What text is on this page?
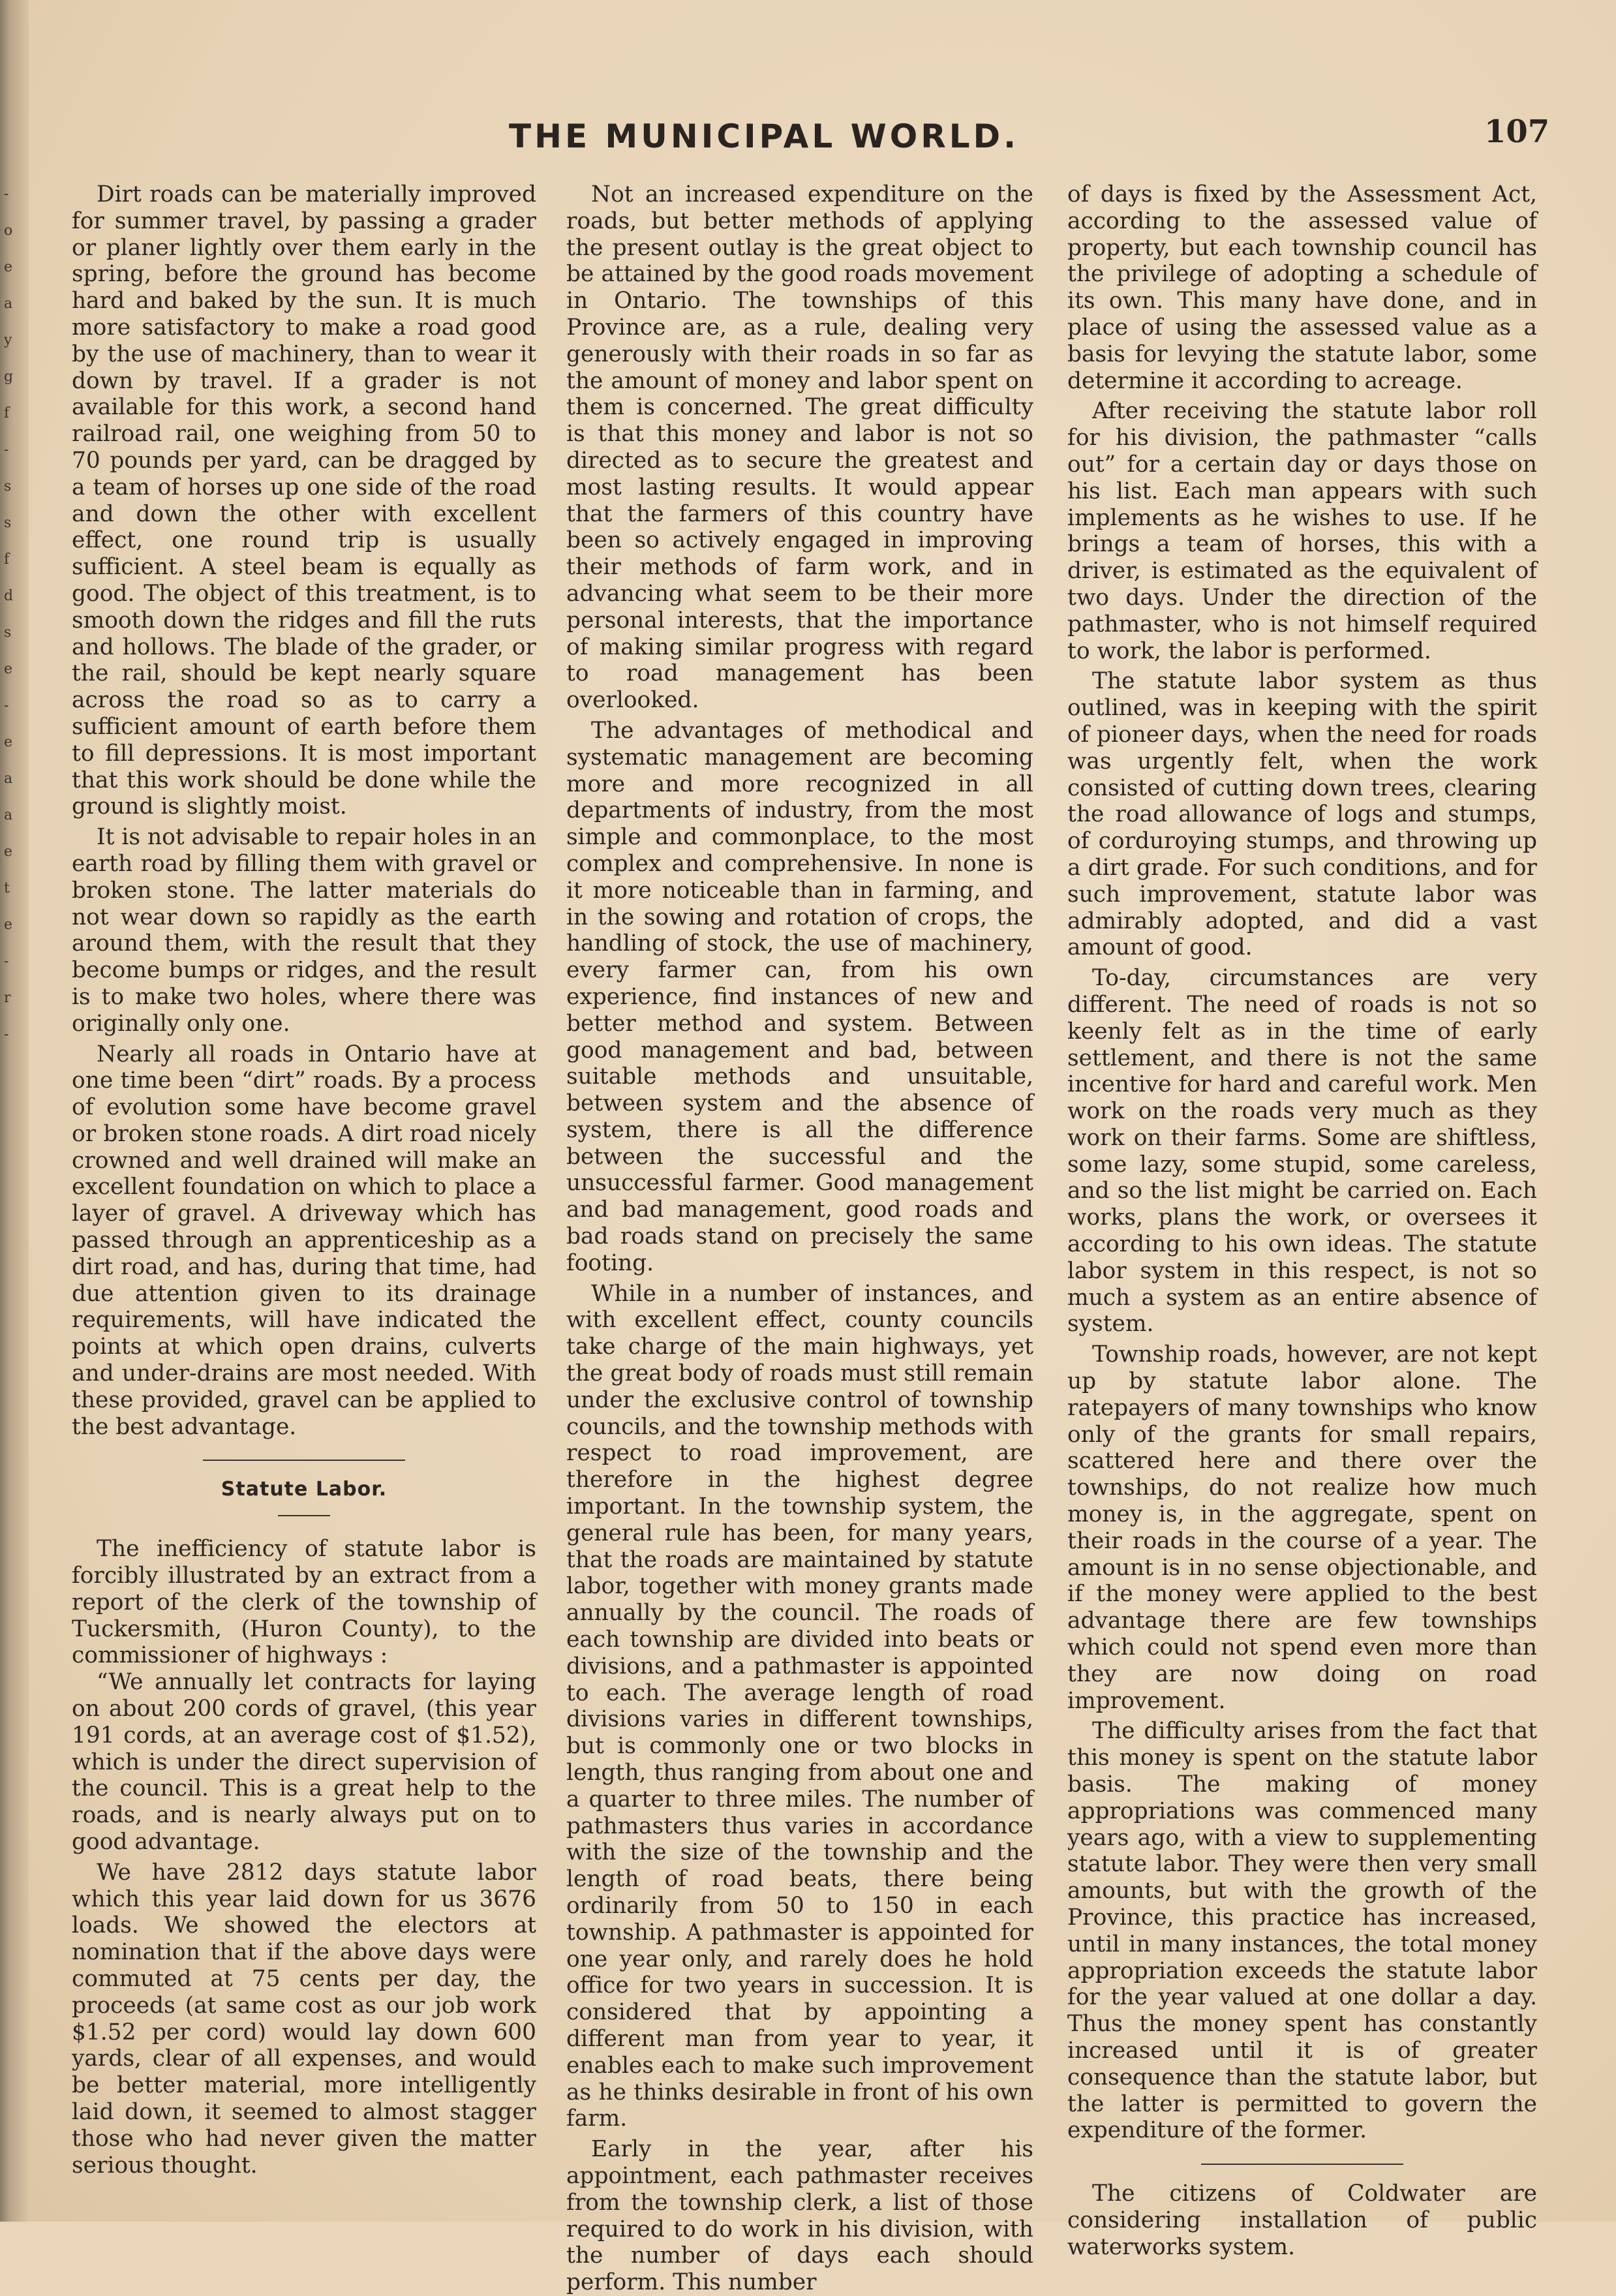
-
o
e
a
y
g
f
-
s
s
f
d
s
e
-
e
a
a
e
t
e
-
r
-
THE MUNICIPAL WORLD.	107

Dirt roads can be materially improved for summer travel, by passing a grader or planer lightly over them early in the spring, before the ground has become hard and baked by the sun. It is much more satisfactory to make a road good by the use of machinery, than to wear it down by travel. If a grader is not available for this work, a second hand railroad rail, one weighing from 50 to 70 pounds per yard, can be dragged by a team of horses up one side of the road and down the other with excellent effect, one round trip is usually sufficient. A steel beam is equally as good. The object of this treatment, is to smooth down the ridges and fill the ruts and hollows. The blade of the grader, or the rail, should be kept nearly square across the road so as to carry a sufficient amount of earth before them to fill depressions. It is most important that this work should be done while the ground is slightly moist.

It is not advisable to repair holes in an earth road by filling them with gravel or broken stone. The latter materials do not wear down so rapidly as the earth around them, with the result that they become bumps or ridges, and the result is to make two holes, where there was originally only one.

Nearly all roads in Ontario have at one time been “dirt” roads. By a process of evolution some have become gravel or broken stone roads. A dirt road nicely crowned and well drained will make an excellent foundation on which to place a layer of gravel. A driveway which has passed through an apprenticeship as a dirt road, and has, during that time, had due attention given to its drainage requirements, will have indicated the points at which open drains, culverts and under-drains are most needed. With these provided, gravel can be applied to the best advantage.

Statute Labor.

The inefficiency of statute labor is forcibly illustrated by an extract from a report of the clerk of the township of Tuckersmith, (Huron County), to the commissioner of highways :

“We annually let contracts for laying on about 200 cords of gravel, (this year 191 cords, at an average cost of $1.52), which is under the direct supervision of the council. This is a great help to the roads, and is nearly always put on to good advantage.

We have 2812 days statute labor which this year laid down for us 3676 loads. We showed the electors at nomination that if the above days were commuted at 75 cents per day, the proceeds (at same cost as our job work $1.52 per cord) would lay down 600 yards, clear of all expenses, and would be better material, more intelligently laid down, it seemed to almost stagger those who had never given the matter serious thought.

Not an increased expenditure on the roads, but better methods of applying the present outlay is the great object to be attained by the good roads movement in Ontario. The townships of this Province are, as a rule, dealing very generously with their roads in so far as the amount of money and labor spent on them is concerned. The great difficulty is that this money and labor is not so directed as to secure the greatest and most lasting results. It would appear that the farmers of this country have been so actively engaged in improving their methods of farm work, and in advancing what seem to be their more personal interests, that the importance of making similar progress with regard to road management has been overlooked.

The advantages of methodical and systematic management are becoming more and more recognized in all departments of industry, from the most simple and commonplace, to the most complex and comprehensive. In none is it more noticeable than in farming, and in the sowing and rotation of crops, the handling of stock, the use of machinery, every farmer can, from his own experience, find instances of new and better method and system. Between good management and bad, between suitable methods and unsuitable, between system and the absence of system, there is all the difference between the successful and the unsuccessful farmer. Good management and bad management, good roads and bad roads stand on precisely the same footing.

While in a number of instances, and with excellent effect, county councils take charge of the main highways, yet the great body of roads must still remain under the exclusive control of township councils, and the township methods with respect to road improvement, are therefore in the highest degree important. In the township system, the general rule has been, for many years, that the roads are maintained by statute labor, together with money grants made annually by the council. The roads of each township are divided into beats or divisions, and a pathmaster is appointed to each. The average length of road divisions varies in different townships, but is commonly one or two blocks in length, thus ranging from about one and a quarter to three miles. The number of pathmasters thus varies in accordance with the size of the township and the length of road beats, there being ordinarily from 50 to 150 in each township. A pathmaster is appointed for one year only, and rarely does he hold office for two years in succession. It is considered that by appointing a different man from year to year, it enables each to make such improvement as he thinks desirable in front of his own farm.

Early in the year, after his appointment, each pathmaster receives from the township clerk, a list of those required to do work in his division, with the number of days each should perform. This number

of days is fixed by the Assessment Act, according to the assessed value of property, but each township council has the privilege of adopting a schedule of its own. This many have done, and in place of using the assessed value as a basis for levying the statute labor, some determine it according to acreage.

After receiving the statute labor roll for his division, the pathmaster “calls out” for a certain day or days those on his list. Each man appears with such implements as he wishes to use. If he brings a team of horses, this with a driver, is estimated as the equivalent of two days. Under the direction of the pathmaster, who is not himself required to work, the labor is performed.

The statute labor system as thus outlined, was in keeping with the spirit of pioneer days, when the need for roads was urgently felt, when the work consisted of cutting down trees, clearing the road allowance of logs and stumps, of corduroying stumps, and throwing up a dirt grade. For such conditions, and for such improvement, statute labor was admirably adopted, and did a vast amount of good.

To-day, circumstances are very different. The need of roads is not so keenly felt as in the time of early settlement, and there is not the same incentive for hard and careful work. Men work on the roads very much as they work on their farms. Some are shiftless, some lazy, some stupid, some careless, and so the list might be carried on. Each works, plans the work, or oversees it according to his own ideas. The statute labor system in this respect, is not so much a system as an entire absence of system.

Township roads, however, are not kept up by statute labor alone. The ratepayers of many townships who know only of the grants for small repairs, scattered here and there over the townships, do not realize how much money is, in the aggregate, spent on their roads in the course of a year. The amount is in no sense objectionable, and if the money were applied to the best advantage there are few townships which could not spend even more than they are now doing on road improvement.

The difficulty arises from the fact that this money is spent on the statute labor basis. The making of money appropriations was commenced many years ago, with a view to supplementing statute labor. They were then very small amounts, but with the growth of the Province, this practice has increased, until in many instances, the total money appropriation exceeds the statute labor for the year valued at one dollar a day. Thus the money spent has constantly increased until it is of greater consequence than the statute labor, but the latter is permitted to govern the expenditure of the former.

The citizens of Coldwater are considering installation of public waterworks system.
